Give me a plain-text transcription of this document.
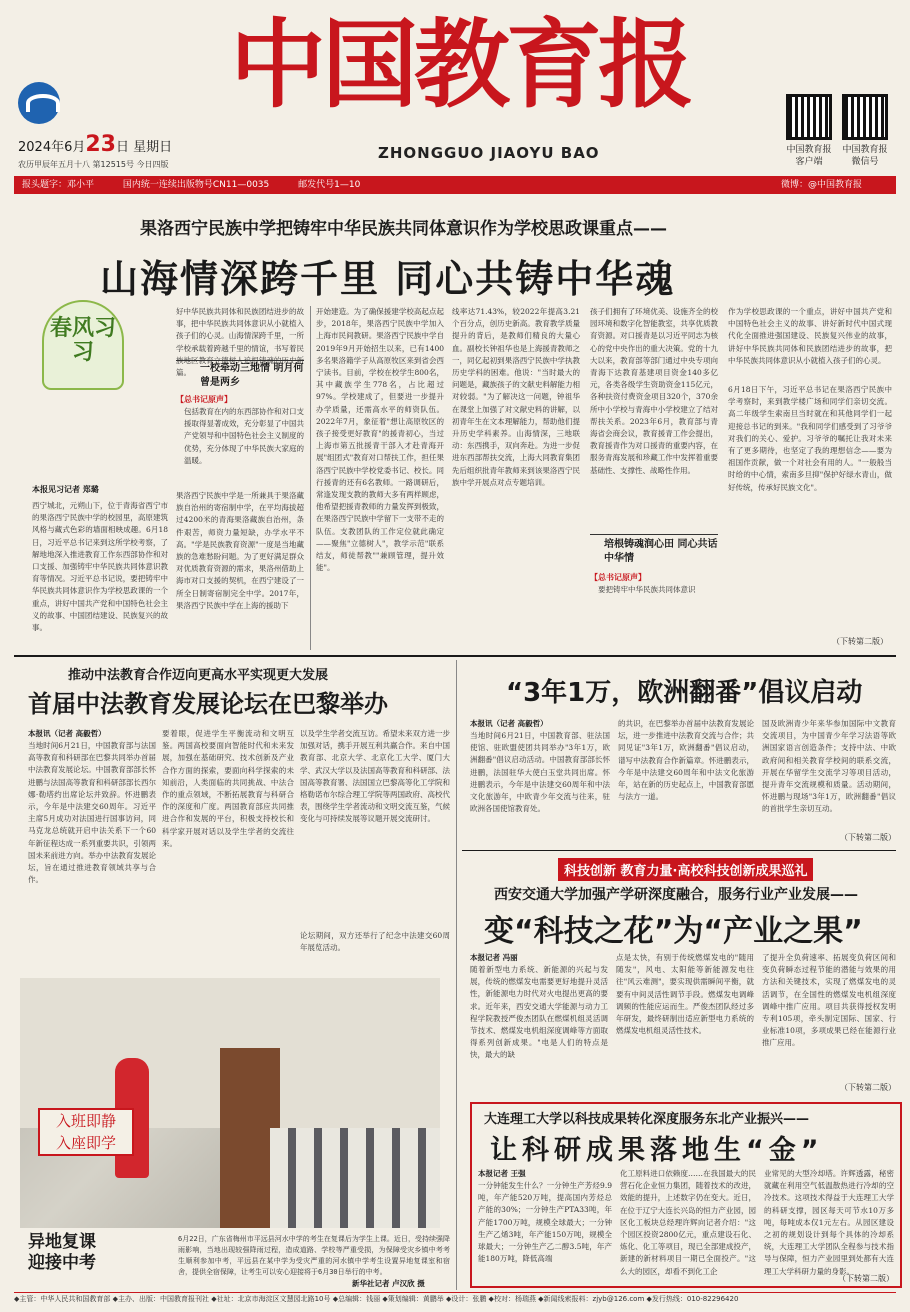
中国教育报
ZHONGGUO JIAOYU BAO
2024年6月23日 星期日
农历甲辰年五月十八 第12515号 今日四版
中国教育报
客户端
中国教育报
微信号
报头题字：邓小平	国内统一连续出版物号CN11—0035	邮发代号1—10	微博：@中国教育报
果洛西宁民族中学把铸牢中华民族共同体意识作为学校思政课重点——
山海情深跨千里 同心共铸中华魂
春风习习
本报见习记者 郑璐
西宁城北，元朔山下，位于青海省西宁市的果洛西宁民族中学的校园里，高原建筑风格与藏式色彩的墙面相映成趣。6月18日，习近平总书记来到这所学校考察，了解地地深入推进教育工作东西部协作和对口支援、加强铸牢中华民族共同体意识教育等情况。习近平总书记说，要把铸牢中华民族共同体意识作为学校思政课的一个重点，讲好中国共产党和中国特色社会主义的故事、中国团结建设、民族复兴的故事。
好中华民族共同体和民族团结进步的故事，把中华民族共同体意识从小就植入孩子们的心灵。山海情深跨千里，一所学校承载着跨越千里的情谊，书写着民 篇。 一校牵动三地情 明月何曾是两乡
【总书记原声】
包括教育在内的东西部协作和对口支援取得显著成效，充分彰显了中国共产党领导和中国特色社会主义制度的优势，充分体现了中华民族大家庭的温暖。
果洛西宁民族中学是一所兼具于果洛藏族自治州的寄宿制中学，在平均海拔超过4200米的青海果洛藏族自治州，条件艰苦，师资力量短缺，办学水平不高。"学是民族教育资源"一度是当地藏族的急难愁盼问题。为了更好满足群众对优质教育资源的需求，果洛州借助上海市对口支援的契机，在西宁建设了一所全日制寄宿制完全中学。2017年，果洛西宁民族中学在上海的援助下
开始建造。为了确保援建学校高起点起步，2018年，果洛西宁民族中学加入上海市民间教研。果洛西宁民族中学自2019年9月开始招生以来，已有1400多名果洛籍学子从高原牧区来到省会西宁读书。目前，学校在校学生800名，其中藏族学生778名，占比超过97%。学校建成了，但要进一步提升办学质量，还需高水平的师资队伍。2022年7月，象征着"想让高原牧区的孩子接受更好教育"的援青初心，当过上海市第五批援青干部入才赴青海开展"组团式"教育对口帮扶工作，担任果洛西宁民族中学校党委书记、校长。同行援青的还有6名教师。一路调研后，常逢发现支教的教师大多有两样顾虑，他希望把援青教师的力量发挥到极致，在果洛西宁民族中学留下一支带不走的队伍。支教团队的工作定位就此确定——聚焦"立德树人"，教学示范"联系结友，师徒帮教""兼顾管理，提升效能"。
线率达71.43%，较2022年提高3.21个百分点，创历史新高。教育教学质量提升的背后，是教师们精良的大量心血。副校长钟祖华也是上海援青教师之一，同亿起初到果洛西宁民族中学执教历史学科的困难。他说："当时最大的问题是，藏族孩子的文献史料解能力相对较弱。"为了解决这一问题，钟祖华在课堂上加强了对文献史料的讲解，以初青年生在文本理解能力，帮助他们提升历史学科素养。山海情深，三地联动：东西携手，双向奔赴。为进一步促进东西部帮扶交流，上海大同教育集团先后组织批青年教师来到该果洛西宁民族中学开展点对点专题培训。
孩子们拥有了环境优美、设施齐全的校园环境和数字化智能教室，共享优质教育资源。对口援青是以习近平同志为核心的党中央作出的重大决策。党的十九大以来，教育部等部门通过中央专项向青海下达教育基建项目资金140多亿元，各类各级学生资助资金115亿元，各种扶资付费资金项目320个，370余所中小学校与青海中小学校建立了结对帮扶关系。2023年6月，教育部与青海省会商会议，教育援青工作会提出，教育援青作为对口援青的重要内容，在服务青海发展和珍藏工作中发挥着重要基础性、支撑性、战略性作用。
培根铸魂润心田 同心共话中华情
【总书记原声】
要把铸牢中华民族共同体意识
作为学校思政课的一个重点，讲好中国共产党和中国特色社会主义的故事、讲好新时代中国式现代化全面推进强国建设、民族复兴伟业的故事，讲好中华民族共同体和民族团结进步的故事，把中华民族共同体意识从小就植入孩子们的心灵。
6月18日下午，习近平总书记在果洛西宁民族中学考察时，来到教学楼广场和同学们亲切交流。高二年级学生索南旦当时就在和其他同学们一起迎接总书记的到来。"我和同学们感受到了习爷爷对我们的关心、爱护。习爷爷的嘱托让我对未来有了更多期待，也坚定了我的理想信念——要为祖国作贡献，做一个对社会有用的人。"一般般当时给的中心情，索南多旦抑"保护好绿水青山，做好传统，传承好民族文化"。
（下转第二版）
推动中法教育合作迈向更高水平实现更大发展
首届中法教育发展论坛在巴黎举办
本报讯（记者 高毅哲）
当地时间6月21日，中国教育部与法国高等教育和科研部在巴黎共同举办首届中法教育发展论坛。中国教育部部长怀进鹏与法国高等教育和科研部部长西尔娜·勒塔约出席论坛并致辞。怀进鹏表示，今年是中法建交60周年。习近平主席5月成功对法国进行国事访问，同马克龙总统就开启中法关系下一个60年新征程达成一系列重要共识，引领两国未来前进方向。举办中法教育发展论坛，旨在通过推进教育领域共享与合作。
要着眼，促进学生平衡流动和文明互鉴。两国高校要面向智能时代和未来发展，加强在基础研究、技术创新及产业合作方面的探索，要面向科学探索的未知前沿，人类面临的共同挑战、中法合作的重点领域，不断拓展教育与科研合作的深度和广度。两国教育部应共同推进合作和发展的平台，积极支持校长和科学家开展对话以及学生学者的交流往来。
以及学生学者交流互访。希望未来双方进一步加强对话，携手开展互利共赢合作。来自中国教育部、北京大学、北京化工大学、厦门大学、武汉大学以及法国高等教育和科研部、法国高等教育署、法国国立巴黎高等化工学院和格勒诺布尔综合理工学院等两国政府、高校代表，围绕学生学者流动和文明交流互鉴，气候变化与可持续发展等议题开展交流研讨。
论坛期间，双方还举行了纪念中法建交60周年展览活动。
“3年1万，欧洲翻番”倡议启动
本报讯（记者 高毅哲）
当地时间6月21日，中国教育部、驻法国使馆、驻欧盟使团共同举办"3年1万，欧洲翻番"倡议启动活动。中国教育部部长怀进鹏，法国驻华大使白玉堂共同出席。怀进鹏表示，今年是中法建交60周年和中法文化旅游年，中欧青少年交流与往来，驻欧洲各国使馆教育处。
的共识，在巴黎举办首届中法教育发展论坛，进一步推进中法教育交流与合作；共同见证"3年1万，欧洲翻番"倡议启动，谱写中法教育合作新篇章。怀进鹏表示，今年是中法建交60周年和中法文化旅游年，站在新的历史起点上，中国教育部愿与法方一道。
国及欧洲青少年来华参加国际中文教育交流项目，为中国青少年学习法语等欧洲国家语言创造条件；支持中法、中欧政府间和相关教育学校间的联系交流，开展在华留学生交流学习等项目活动，提升青年交流规模和质量。活动期间，怀进鹏与现场"3年1万，欧洲翻番"倡议的首批学生亲切互动。
（下转第二版）
科技创新 教育力量·高校科技创新成果巡礼
西安交通大学加强产学研深度融合，服务行业产业发展——
变“科技之花”为“产业之果”
本报记者 冯丽
随着新型电力系统、新能源的兴起与发展，传统的燃煤发电需要更好地提升灵活性，新能源电力时代对火电提出更高的要求。近年来，西安交通大学能源与动力工程学院教授严俊杰团队在燃煤机组灵活调节技术、燃煤发电机组深度调峰等方面取得系列创新成果。"电是人们的特点是快，最大的缺
点是太快，有别于传统燃煤发电的"随用随发"，风电、太阳能等新能源发电往往"风云难测"，要实现供需瞬间平衡，就要有中间灵活性调节手段。燃煤发电调峰调频的性能应运而生。严俊杰团队经过多年研发，最终研制出适应新型电力系统的燃煤发电机组灵活性技术。
了提升全负荷速率、拓展变负荷区间和变负荷瞬态过程节能的潜能与效果的用方法和关键技术，实现了燃煤发电的灵活调节，在全国性的燃煤发电机组深度调峰中推广应用。项目共获得授权发明专利105项，牵头制定国际、国家、行业标准10项，多项成果已经在能源行业推广应用。
（下转第二版）
入班即静
入座即学
异地复课
迎接中考
6月22日，广东省梅州市平远县河水中学的考生在复课后为学生上课。近日，受持续强降雨影响，当地出现较强降雨过程，造成道路、学校等严重受损，为保障受灾乡镇中考考生顺利参加中考，平远县在某中学为受灾严重的河水镇中学考生设置异地复课室和宿舍，提供全宿保障，让考生可以安心迎接将于6月30日举行的中考。
新华社记者 卢汉欣 摄
大连理工大学以科技成果转化深度服务东北产业振兴——
让科研成果落地生“金”
本报记者 王强
一分钟能发生什么？一分钟生产芳烃9.9吨，年产能520万吨，提高国内芳烃总产能的30%；一分钟生产PTA33吨，年产能1700万吨，规模全球最大；一分钟生产乙烯3吨，年产能150万吨，规模全球最大；一分钟生产乙二醇3.5吨，年产能180万吨，降低高端
化工原料进口依赖度……在我国最大的民营石化企业恒力集团，随着技术的改进，效能的提升，上述数字仍在变大。近日，在位于辽宁大连长兴岛的恒力产业园，园区化工板块总经理许辉向记者介绍："这个园区投资2800亿元，重点建设石化、炼化、化工等项目，现已全部建成投产，新建的新材料项目一期已全面投产。"这么大的园区，却看不到化工企
业常见的大型冷却塔。许辉透露，秘密就藏在利用空气低温散热进行冷却的空冷技术。这项技术得益于大连理工大学的科研支撑，园区每天可节水10万多吨，每吨成本仅1元左右。从园区建设之初的规划设计到每个具体的冷却系统，大连理工大学团队全程参与技术指导与保障，恒力产业园里到处都有大连理工大学科研力量的身影。
（下转第二版）
◆主管：中华人民共和国教育部 ◆主办、出版：中国教育报刊社 ◆社址：北京市海淀区文慧园北路10号 ◆总编辑：钱丽 ◆策划编辑：黄鹏举 ◆设计：张鹏 ◆校对：杨瑞燕 ◆新闻线索报料：zjyb@126.com ◆发行热线：010-82296420
